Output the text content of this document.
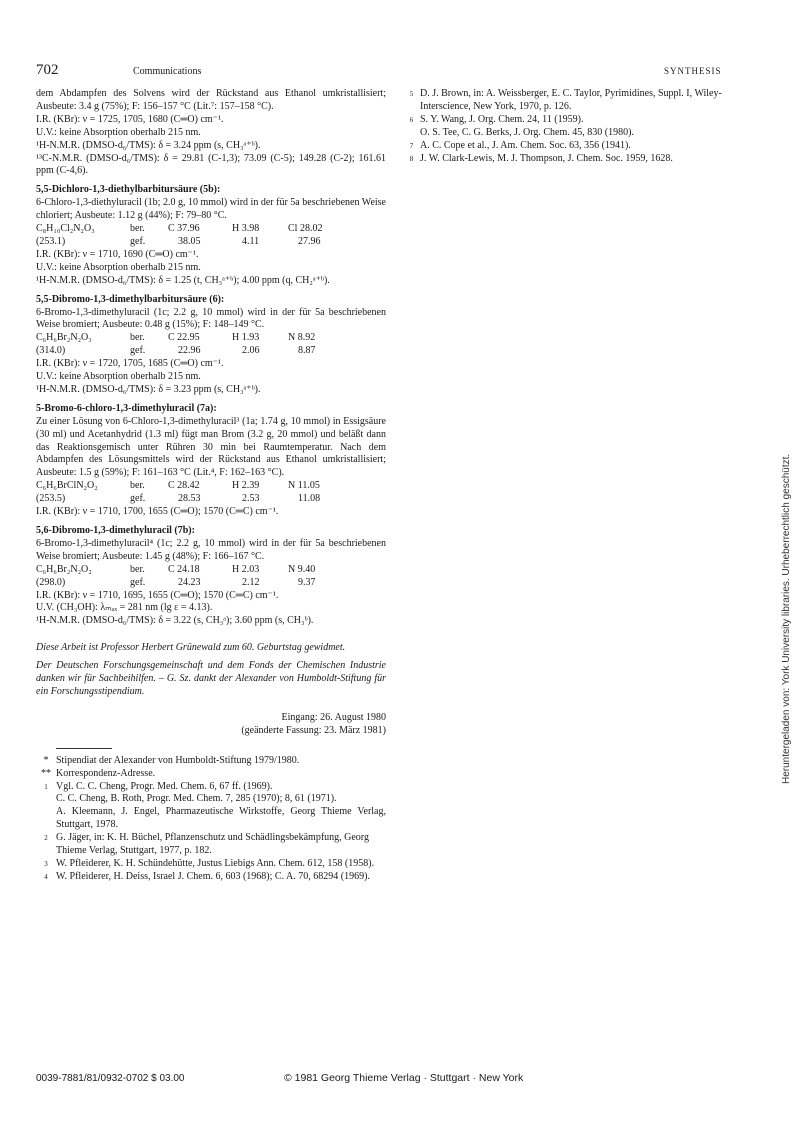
702	Communications	SYNTHESIS

dem Abdampfen des Solvens wird der Rückstand aus Ethanol umkristallisiert; Ausbeute: 3.4 g (75%); F: 156–157 °C (Lit.⁷: 157–158 °C).

I.R. (KBr): ν = 1725, 1705, 1680 (C═O) cm⁻¹.

U.V.: keine Absorption oberhalb 215 nm.

¹H-N.M.R. (DMSO-d₆/TMS): δ = 3.24 ppm (s, CH₃ᵃ⁺ᵇ).

¹³C-N.M.R. (DMSO-d₆/TMS): δ = 29.81 (C-1,3); 73.09 (C-5); 149.28 (C-2); 161.61 ppm (C-4,6).

5,5-Dichloro-1,3-diethylbarbitursäure (5b):

6-Chloro-1,3-diethyluracil (1b; 2.0 g, 10 mmol) wird in der für 5a beschriebenen Weise chloriert; Ausbeute: 1.12 g (44%); F: 79–80 °C.

C₈H₁₀Cl₂N₂O₃	ber.	C 37.96	H 3.98	Cl 28.02
(253.1)	gef.	38.05	4.11	27.96

I.R. (KBr): ν = 1710, 1690 (C═O) cm⁻¹.

U.V.: keine Absorption oberhalb 215 nm.

¹H-N.M.R. (DMSO-d₆/TMS): δ = 1.25 (t, CH₃ᵃ⁺ᵇ); 4.00 ppm (q, CH₂ᵃ⁺ᵇ).

5,5-Dibromo-1,3-dimethylbarbitursäure (6):

6-Bromo-1,3-dimethyluracil (1c; 2.2 g, 10 mmol) wird in der für 5a beschriebenen Weise bromiert; Ausbeute: 0.48 g (15%); F: 148–149 °C.

C₆H₆Br₂N₂O₃	ber.	C 22.95	H 1.93	N 8.92
(314.0)	gef.	22.96	2.06	8.87

I.R. (KBr): ν = 1720, 1705, 1685 (C═O) cm⁻¹.

U.V.: keine Absorption oberhalb 215 nm.

¹H-N.M.R. (DMSO-d₆/TMS): δ = 3.23 ppm (s, CH₃ᵃ⁺ᵇ).

5-Bromo-6-chloro-1,3-dimethyluracil (7a):

Zu einer Lösung von 6-Chloro-1,3-dimethyluracil³ (1a; 1.74 g, 10 mmol) in Essigsäure (30 ml) und Acetanhydrid (1.3 ml) fügt man Brom (3.2 g, 20 mmol) und beläßt dann das Reaktionsgemisch unter Rühren 30 min bei Raumtemperatur. Nach dem Abdampfen des Lösungsmittels wird der Rückstand aus Ethanol umkristallisiert; Ausbeute: 1.5 g (59%); F: 161–163 °C (Lit.⁴, F: 162–163 °C).

C₆H₆BrClN₂O₂	ber.	C 28.42	H 2.39	N 11.05
(253.5)	gef.	28.53	2.53	11.08

I.R. (KBr): ν = 1710, 1700, 1655 (C═O); 1570 (C═C) cm⁻¹.

5,6-Dibromo-1,3-dimethyluracil (7b):

6-Bromo-1,3-dimethyluracil⁴ (1c; 2.2 g, 10 mmol) wird in der für 5a beschriebenen Weise bromiert; Ausbeute: 1.45 g (48%); F: 166–167 °C.

C₆H₆Br₂N₂O₂	ber.	C 24.18	H 2.03	N 9.40
(298.0)	gef.	24.23	2.12	9.37

I.R. (KBr): ν = 1710, 1695, 1655 (C═O); 1570 (C═C) cm⁻¹.

U.V. (CH₃OH): λₘₐₓ = 281 nm (lg ε = 4.13).

¹H-N.M.R. (DMSO-d₆/TMS): δ = 3.22 (s, CH₃ᵃ); 3.60 ppm (s, CH₃ᵇ).

Diese Arbeit ist Professor Herbert Grünewald zum 60. Geburtstag gewidmet.

Der Deutschen Forschungsgemeinschaft und dem Fonds der Chemischen Industrie danken wir für Sachbeihilfen. – G. Sz. dankt der Alexander von Humboldt-Stiftung für ein Forschungsstipendium.

Eingang: 26. August 1980

(geänderte Fassung: 23. März 1981)

* Stipendiat der Alexander von Humboldt-Stiftung 1979/1980.
** Korrespondenz-Adresse.
1 Vgl. C. C. Cheng, Progr. Med. Chem. 6, 67 ff. (1969).

C. C. Cheng, B. Roth, Progr. Med. Chem. 7, 285 (1970); 8, 61 (1971).

A. Kleemann, J. Engel, Pharmazeutische Wirkstoffe, Georg Thieme Verlag, Stuttgart, 1978.

2 G. Jäger, in: K. H. Büchel, Pflanzenschutz und Schädlingsbekämpfung, Georg Thieme Verlag, Stuttgart, 1977, p. 182.
3 W. Pfleiderer, K. H. Schündehütte, Justus Liebigs Ann. Chem. 612, 158 (1958).
4 W. Pfleiderer, H. Deiss, Israel J. Chem. 6, 603 (1968); C. A. 70, 68294 (1969).
5 D. J. Brown, in: A. Weissberger, E. C. Taylor, Pyrimidines, Suppl. I, Wiley-Interscience, New York, 1970, p. 126.
6 S. Y. Wang, J. Org. Chem. 24, 11 (1959).

O. S. Tee, C. G. Berks, J. Org. Chem. 45, 830 (1980).

7 A. C. Cope et al., J. Am. Chem. Soc. 63, 356 (1941).
8 J. W. Clark-Lewis, M. J. Thompson, J. Chem. Soc. 1959, 1628.
0039-7881/81/0932-0702 $ 03.00	© 1981 Georg Thieme Verlag · Stuttgart · New York
Heruntergeladen von: York University libraries. Urheberrechtlich geschützt.
